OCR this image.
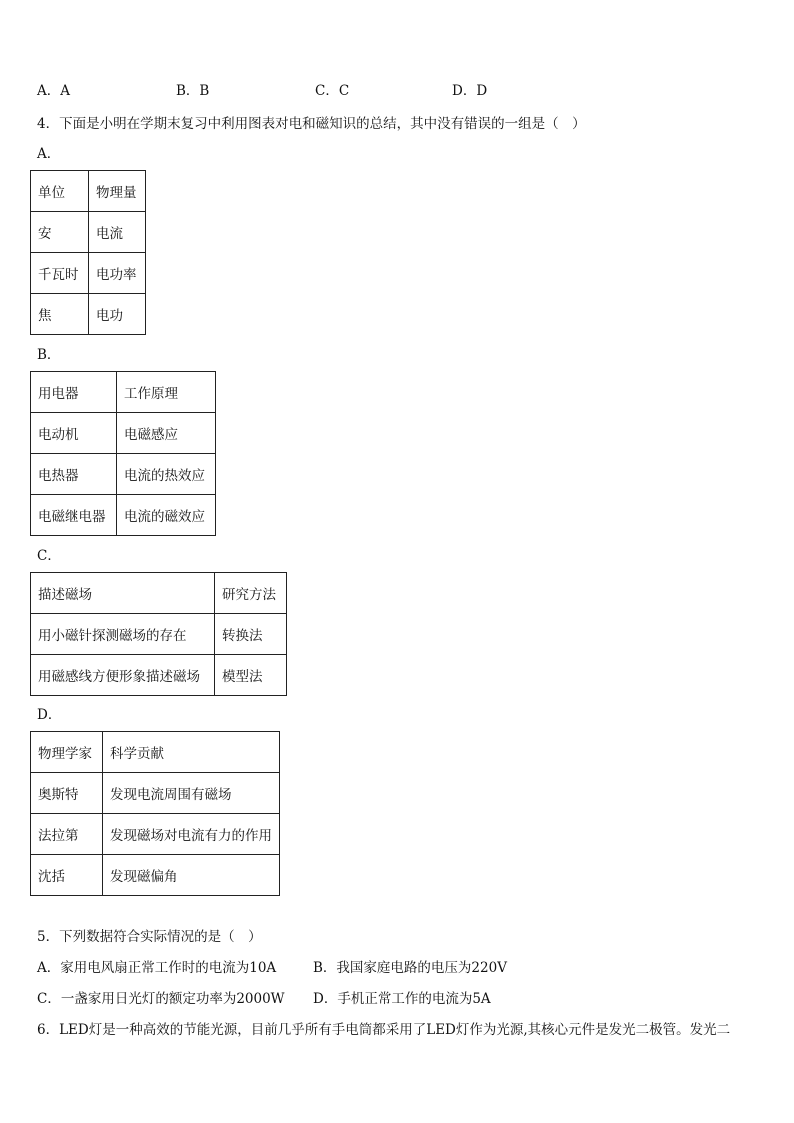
A．A	B．B	C．C	D．D
4．下面是小明在学期末复习中利用图表对电和磁知识的总结，其中没有错误的一组是（　）
A．
单位	物理量
安	电流
千瓦时	电功率
焦	电功
B．
用电器	工作原理
电动机	电磁感应
电热器	电流的热效应
电磁继电器	电流的磁效应
C．
描述磁场	研究方法
用小磁针探测磁场的存在	转换法
用磁感线方便形象描述磁场	模型法
D．
物理学家	科学贡献
奥斯特	发现电流周围有磁场
法拉第	发现磁场对电流有力的作用
沈括	发现磁偏角
5．下列数据符合实际情况的是（　）
A．家用电风扇正常工作时的电流为10A	B．我国家庭电路的电压为220V
C．一盏家用日光灯的额定功率为2000W D．手机正常工作的电流为5A
6．LED灯是一种高效的节能光源，目前几乎所有手电筒都采用了LED灯作为光源,其核心元件是发光二极管。发光二
